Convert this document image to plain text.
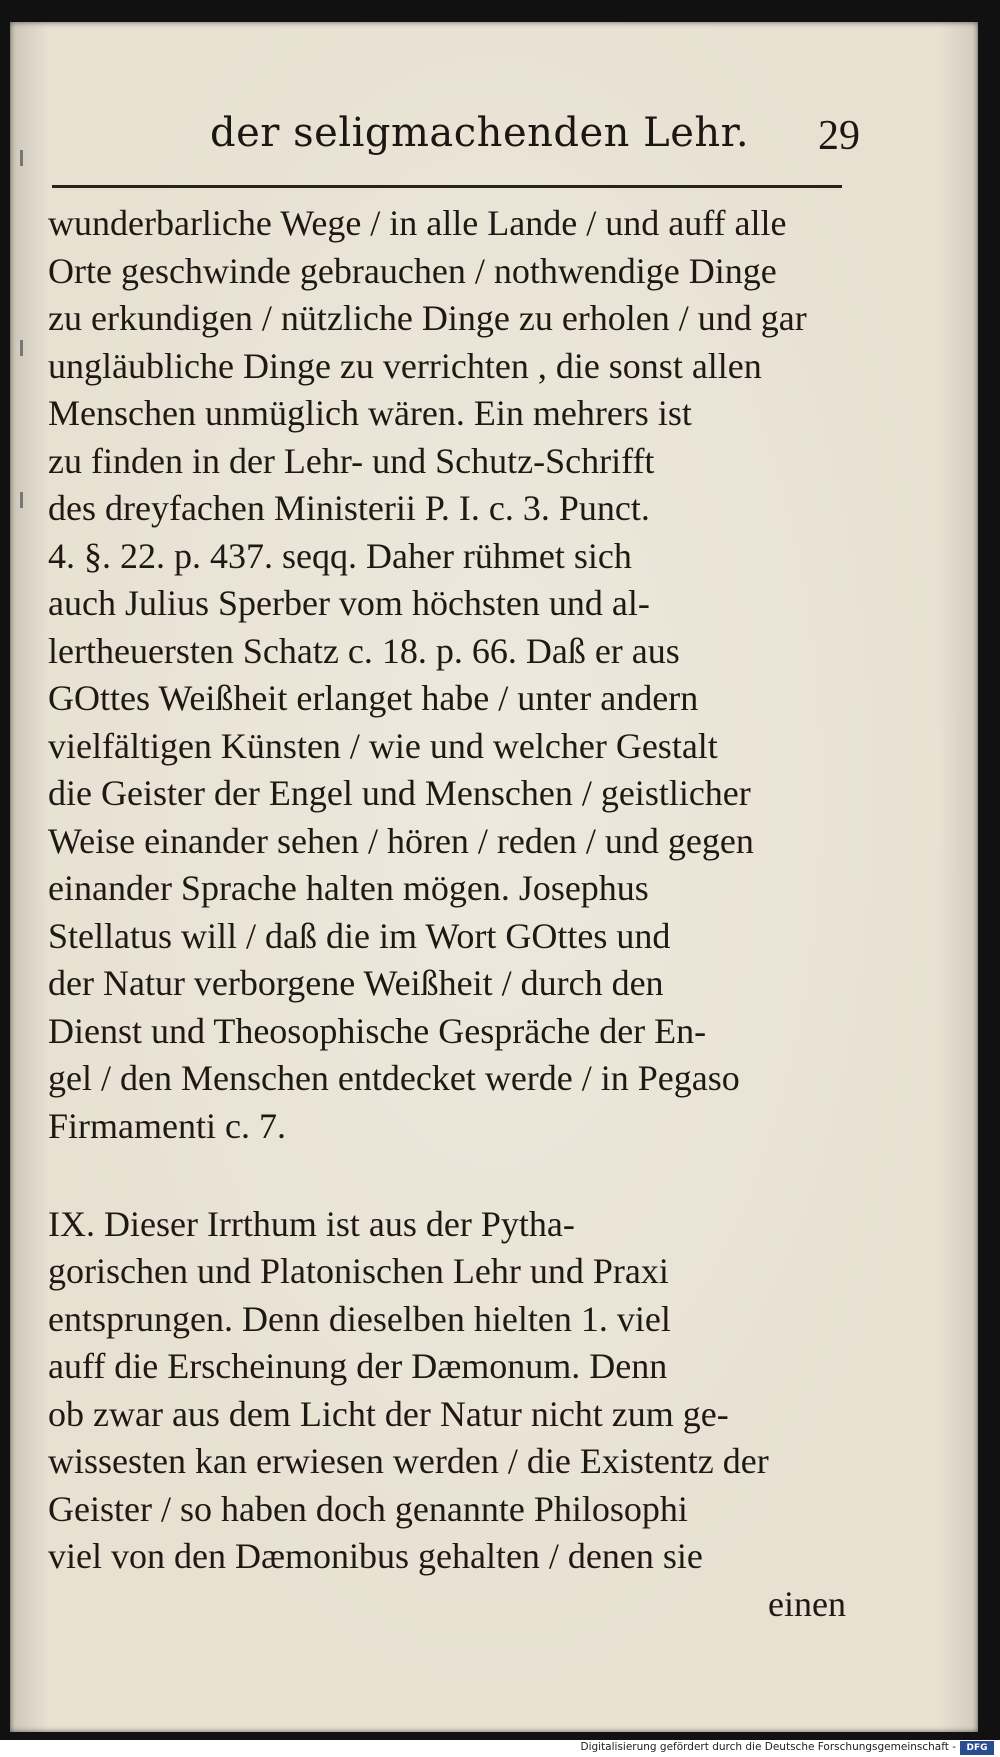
der seligmachenden Lehr. 29
wunderbarliche Wege / in alle Lande / und auff alle
Orte geschwinde gebrauchen / nothwendige Dinge
zu erkundigen / nützliche Dinge zu erholen / und gar
ungläubliche Dinge zu verrichten , die sonst allen
Menschen unmüglich wären. Ein mehrers ist
zu finden in der Lehr- und Schutz-Schrifft
des dreyfachen Ministerii P. I. c. 3. Punct.
4. §. 22. p. 437. seqq. Daher rühmet sich
auch Julius Sperber vom höchsten und al-
lertheuersten Schatz c. 18. p. 66. Daß er aus
GOttes Weißheit erlanget habe / unter andern
vielfältigen Künsten / wie und welcher Gestalt
die Geister der Engel und Menschen / geistlicher
Weise einander sehen / hören / reden / und gegen
einander Sprache halten mögen. Josephus
Stellatus will / daß die im Wort GOttes und
der Natur verborgene Weißheit / durch den
Dienst und Theosophische Gespräche der En-
gel / den Menschen entdecket werde / in Pegaso
Firmamenti c. 7.
IX. Dieser Irrthum ist aus der Pytha-
gorischen und Platonischen Lehr und Praxi
entsprungen. Denn dieselben hielten 1. viel
auff die Erscheinung der Dæmonum. Denn
ob zwar aus dem Licht der Natur nicht zum ge-
wissesten kan erwiesen werden / die Existentz der
Geister / so haben doch genannte Philosophi
viel von den Dæmonibus gehalten / denen sie
einen
Digitalisierung gefördert durch die Deutsche Forschungsgemeinschaft -	DFG
